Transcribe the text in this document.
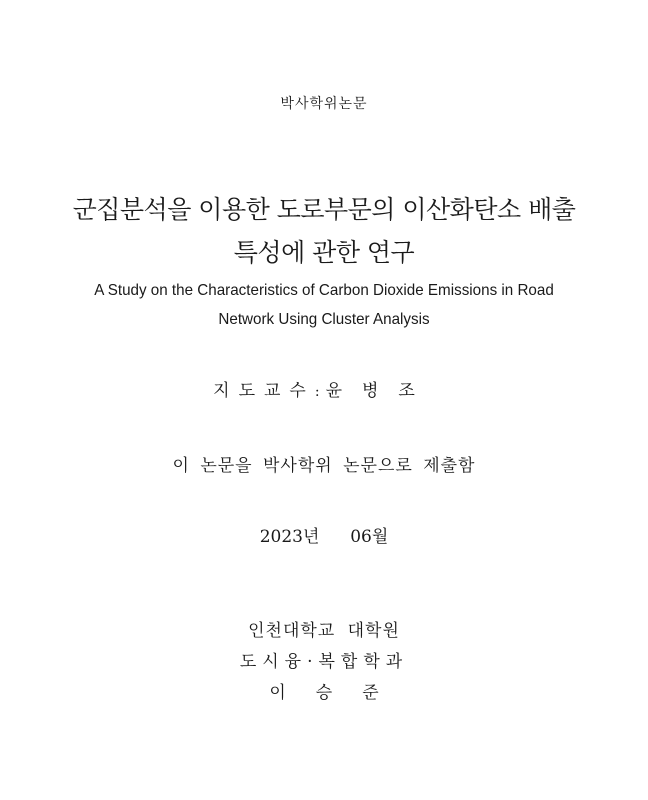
박사학위논문
군집분석을 이용한 도로부문의 이산화탄소 배출
특성에 관한 연구
A Study on the Characteristics of Carbon Dioxide Emissions in Road
Network Using Cluster Analysis
지도교수: 윤병조
이 논문을 박사학위 논문으로 제출함
2023년  06월
인천대학교 대학원
도시융·복합학과
이승준
